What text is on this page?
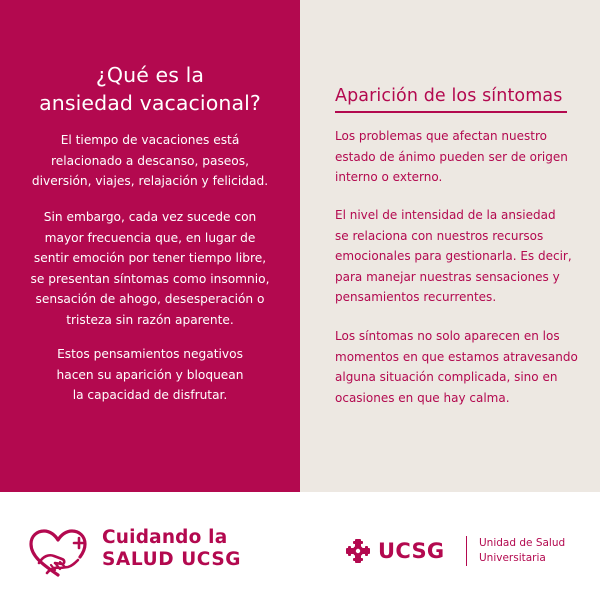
¿Qué es la
ansiedad vacacional?

El tiempo de vacaciones está
relacionado a descanso, paseos,
diversión, viajes, relajación y felicidad.

Sin embargo, cada vez sucede con
mayor frecuencia que, en lugar de
sentir emoción por tener tiempo libre,
se presentan síntomas como insomnio,
sensación de ahogo, desesperación o
tristeza sin razón aparente.

Estos pensamientos negativos
hacen su aparición y bloquean
la capacidad de disfrutar.

Aparición de los síntomas

Los problemas que afectan nuestro
estado de ánimo pueden ser de origen
interno o externo.

El nivel de intensidad de la ansiedad
se relaciona con nuestros recursos
emocionales para gestionarla. Es decir,
para manejar nuestras sensaciones y
pensamientos recurrentes.

Los síntomas no solo aparecen en los
momentos en que estamos atravesando
alguna situación complicada, sino en
ocasiones en que hay calma.

Cuidando la
SALUD UCSG	UCSG	Unidad de Salud
Universitaria
